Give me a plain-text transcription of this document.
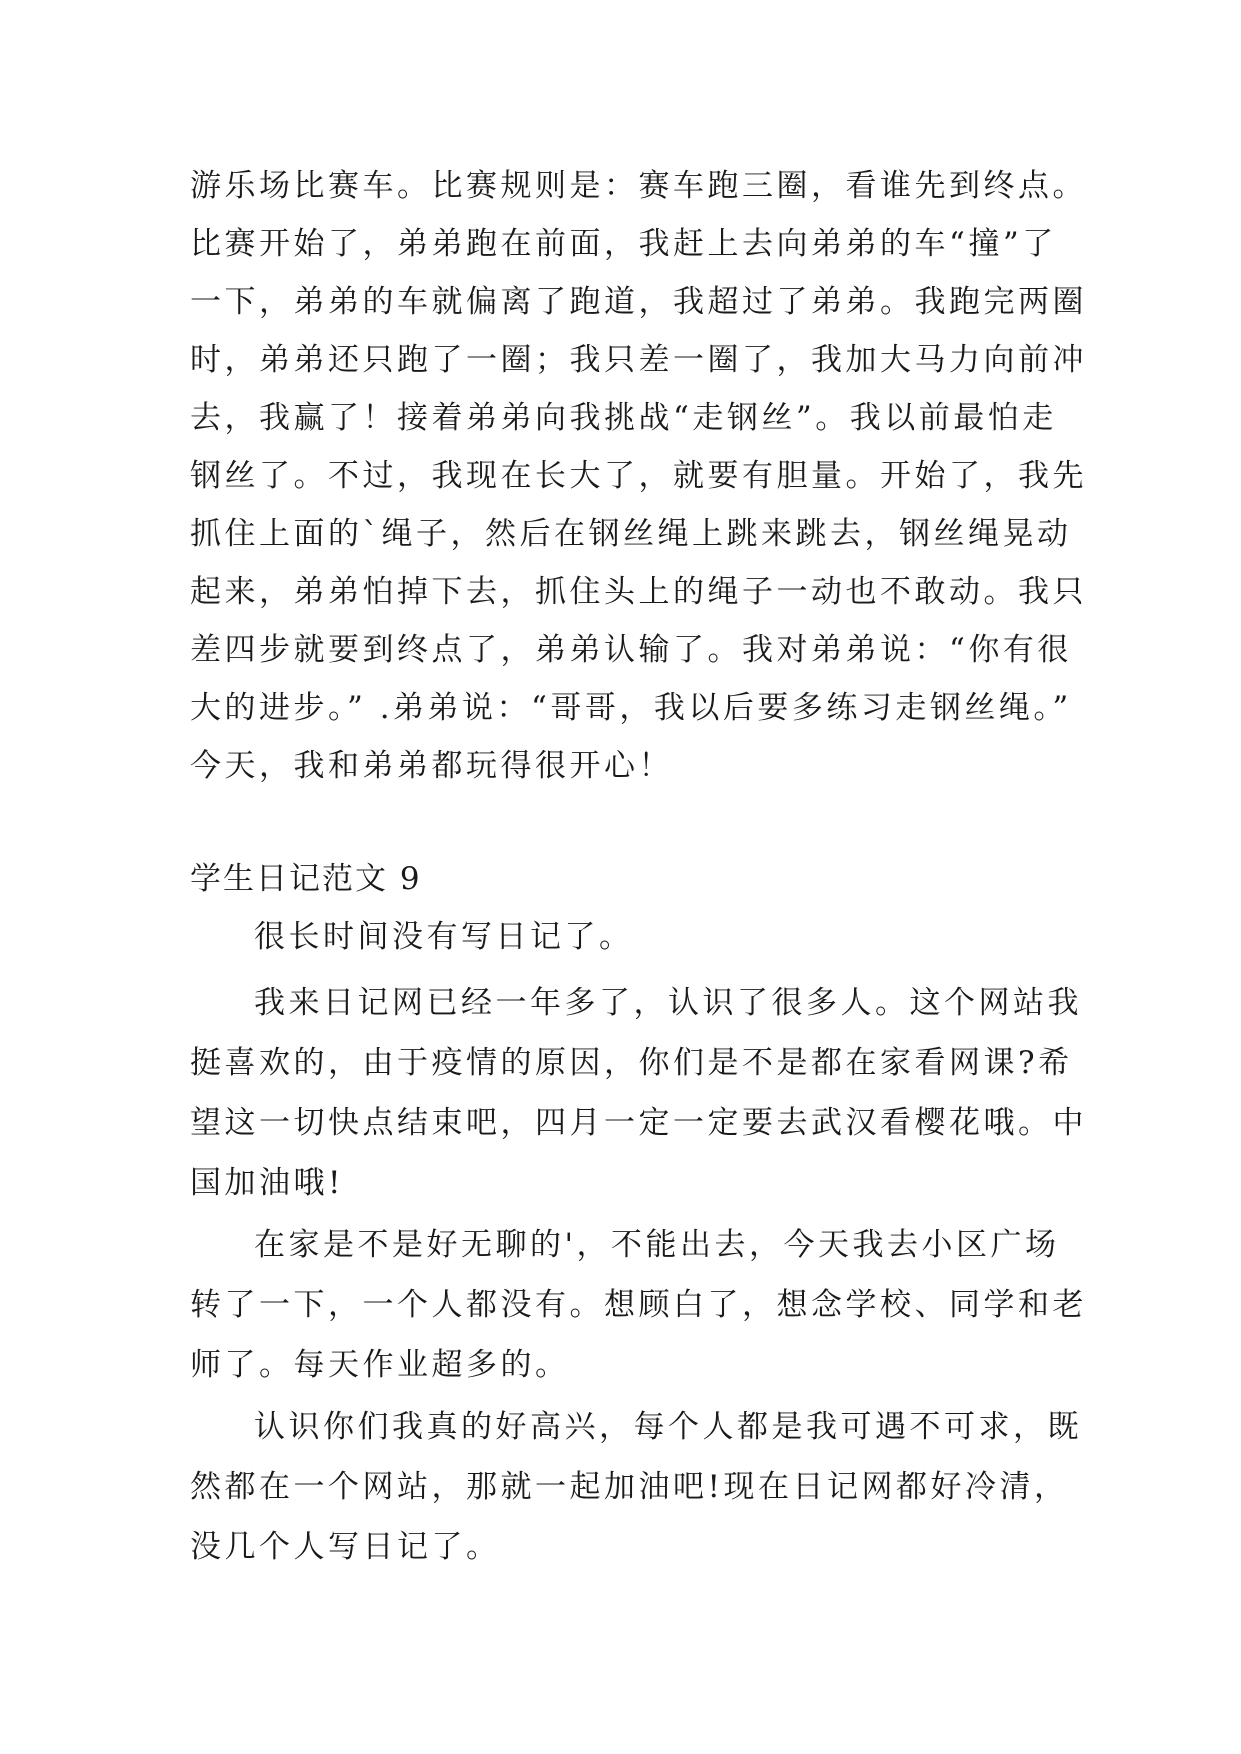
游乐场比赛车。比赛规则是：赛车跑三圈，看谁先到终点。
比赛开始了，弟弟跑在前面，我赶上去向弟弟的车“撞”了
一下，弟弟的车就偏离了跑道，我超过了弟弟。我跑完两圈
时，弟弟还只跑了一圈；我只差一圈了，我加大马力向前冲
去，我赢了！接着弟弟向我挑战“走钢丝”。我以前最怕走
钢丝了。不过，我现在长大了，就要有胆量。开始了，我先
抓住上面的`绳子，然后在钢丝绳上跳来跳去，钢丝绳晃动
起来，弟弟怕掉下去，抓住头上的绳子一动也不敢动。我只
差四步就要到终点了，弟弟认输了。我对弟弟说：“你有很
大的进步。” .弟弟说：“哥哥，我以后要多练习走钢丝绳。”
今天，我和弟弟都玩得很开心！
学生日记范文 9
很长时间没有写日记了。
我来日记网已经一年多了，认识了很多人。这个网站我
挺喜欢的，由于疫情的原因，你们是不是都在家看网课?希
望这一切快点结束吧，四月一定一定要去武汉看樱花哦。中
国加油哦!
在家是不是好无聊的'，不能出去，今天我去小区广场
转了一下，一个人都没有。想顾白了，想念学校、同学和老
师了。每天作业超多的。
认识你们我真的好高兴，每个人都是我可遇不可求，既
然都在一个网站，那就一起加油吧!现在日记网都好冷清，
没几个人写日记了。
